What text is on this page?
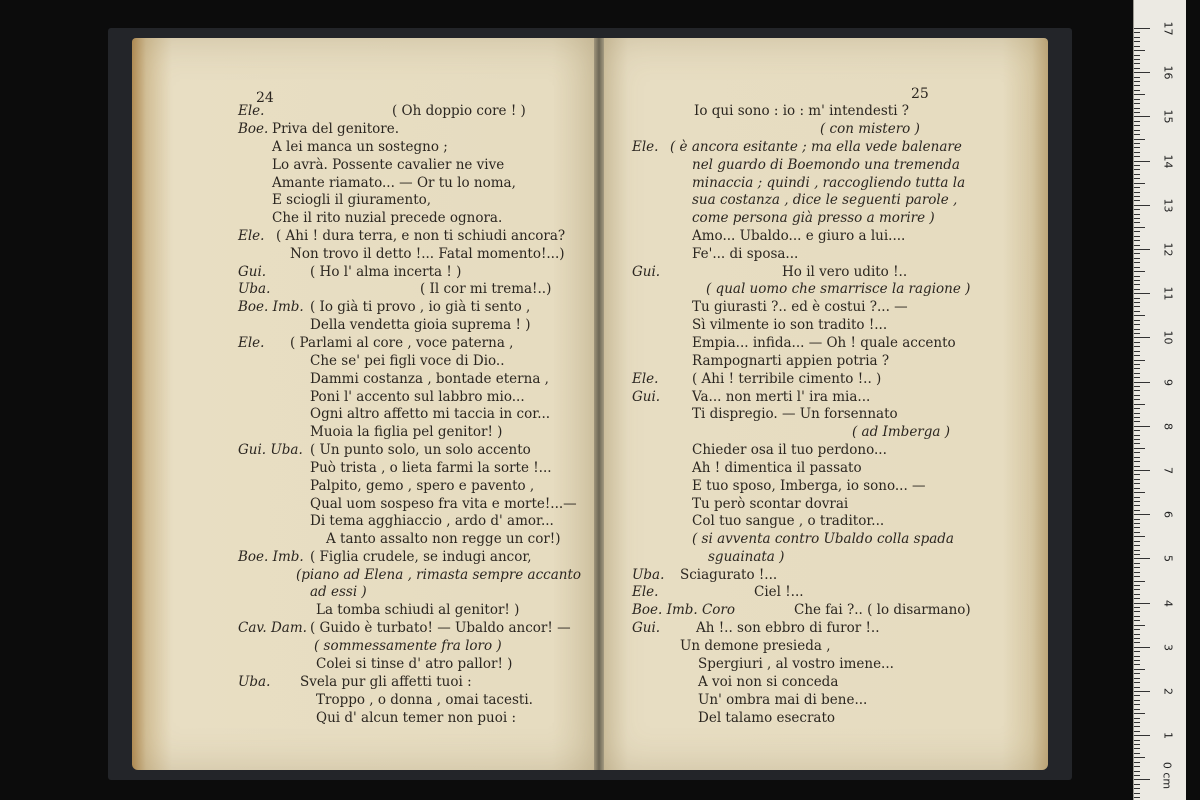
24	25
Ele.	( Oh doppio core ! )
Boe. Priva del genitore.
A lei manca un sostegno ;
Lo avrà. Possente cavalier ne vive
Amante riamato... — Or tu lo noma,
E sciogli il giuramento,
Che il rito nuzial precede ognora.
Ele. ( Ahi ! dura terra, e non ti schiudi ancora?
Non trovo il detto !... Fatal momento!...)
Gui.	( Ho l' alma incerta ! )
Uba.	( Il cor mi trema!..)
Boe. Imb. ( Io già ti provo , io già ti sento ,
Della vendetta gioia suprema ! )
Ele. ( Parlami al core , voce paterna ,
Che se' pei figli voce di Dio..
Dammi costanza , bontade eterna ,
Poni l' accento sul labbro mio...
Ogni altro affetto mi taccia in cor...
Muoia la figlia pel genitor! )
Gui. Uba. ( Un punto solo, un solo accento
Può trista , o lieta farmi la sorte !...
Palpito, gemo , spero e pavento ,
Qual uom sospeso fra vita e morte!...—
Di tema agghiaccio , ardo d' amor...
A tanto assalto non regge un cor!)
Boe. Imb. ( Figlia crudele, se indugi ancor,
(piano ad Elena , rimasta sempre accanto
ad essi )
La tomba schiudi al genitor! )
Cav. Dam. ( Guido è turbato! — Ubaldo ancor! —
( sommessamente fra loro )
Colei si tinse d' atro pallor! )
Uba. Svela pur gli affetti tuoi :
Troppo , o donna , omai tacesti.
Qui d' alcun temer non puoi :
Io qui sono : io : m' intendesti ?
( con mistero )
Ele. ( è ancora esitante ; ma ella vede balenare
nel guardo di Boemondo una tremenda
minaccia ; quindi , raccogliendo tutta la
sua costanza , dice le seguenti parole ,
come persona già presso a morire )
Amo... Ubaldo... e giuro a lui....
Fe'... di sposa...
Gui.	Ho il vero udito !..
( qual uomo che smarrisce la ragione )
Tu giurasti ?.. ed è costui ?... —
Sì vilmente io son tradito !...
Empia... infida... — Oh ! quale accento
Rampognarti appien potria ?
Ele. ( Ahi ! terribile cimento !.. )
Gui. Va... non merti l' ira mia...
Ti dispregio. — Un forsennato
( ad Imberga )
Chieder osa il tuo perdono...
Ah ! dimentica il passato
E tuo sposo, Imberga, io sono... —
Tu però scontar dovrai
Col tuo sangue , o traditor...
( si avventa contro Ubaldo colla spada
sguainata )
Uba. Sciagurato !...
Ele.	Ciel !...
Boe. Imb. Coro	Che fai ?.. ( lo disarmano)
Gui.	Ah !.. son ebbro di furor !..
Un demone presieda ,
Spergiuri , al vostro imene...
A voi non si conceda
Un' ombra mai di bene...
Del talamo esecrato
17
16
15
14
13
12
11
10
9
8
7
6
5
4
3
2
1
0 cm
